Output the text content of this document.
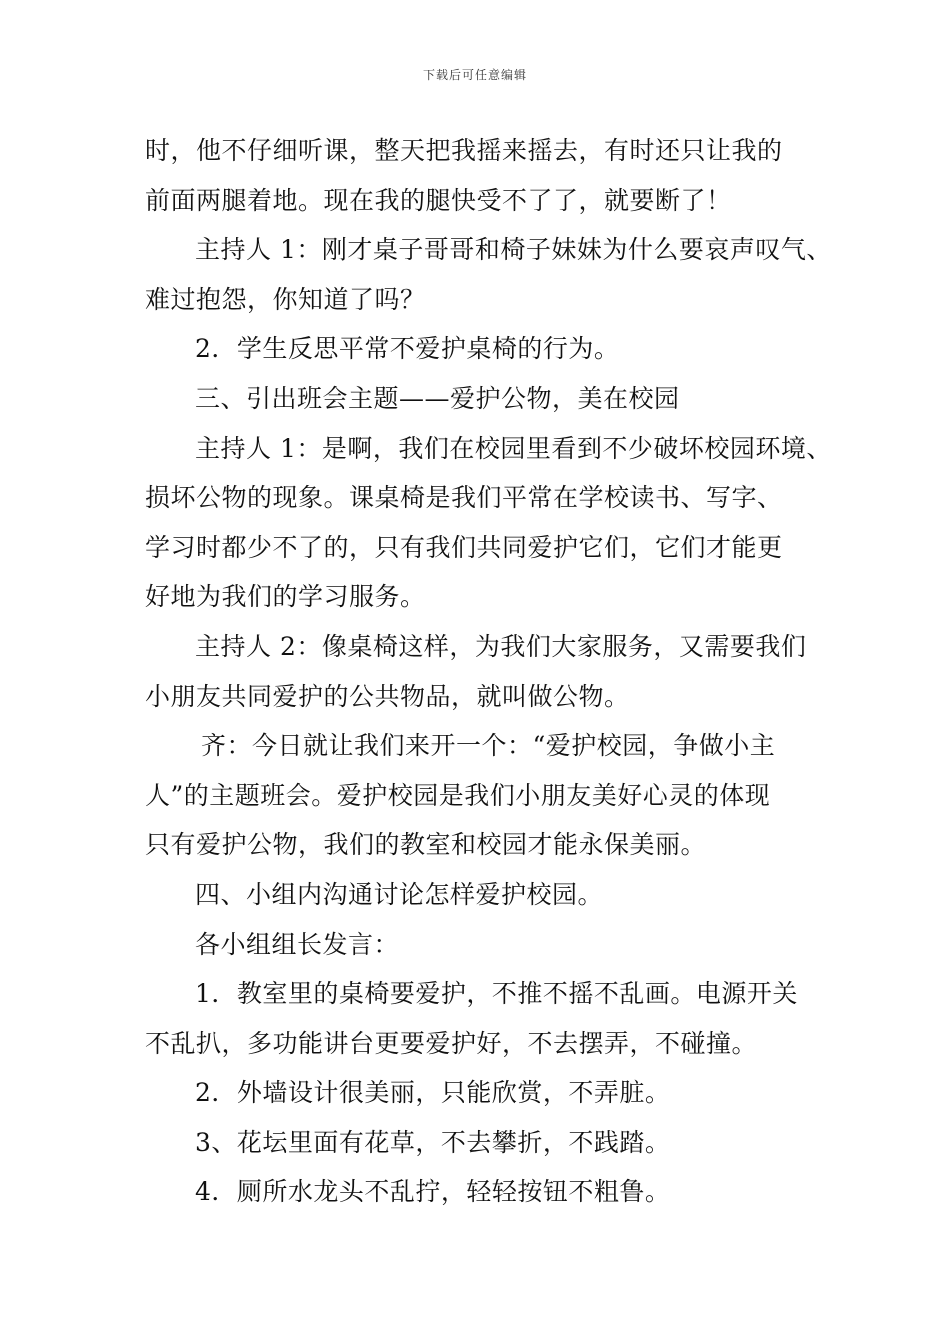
下载后可任意编辑
时，他不仔细听课，整天把我摇来摇去，有时还只让我的
前面两腿着地。现在我的腿快受不了了，就要断了！
主持人 1：刚才桌子哥哥和椅子妹妹为什么要哀声叹气、
难过抱怨，你知道了吗？
2．学生反思平常不爱护桌椅的行为。
三、引出班会主题——爱护公物，美在校园
主持人 1：是啊，我们在校园里看到不少破坏校园环境、
损坏公物的现象。课桌椅是我们平常在学校读书、写字、
学习时都少不了的，只有我们共同爱护它们，它们才能更
好地为我们的学习服务。
主持人 2：像桌椅这样，为我们大家服务，又需要我们
小朋友共同爱护的公共物品，就叫做公物。
齐：今日就让我们来开一个：“爱护校园，争做小主
人”的主题班会。爱护校园是我们小朋友美好心灵的体现
只有爱护公物，我们的教室和校园才能永保美丽。
四、小组内沟通讨论怎样爱护校园。
各小组组长发言：
1．教室里的桌椅要爱护，不推不摇不乱画。电源开关
不乱扒，多功能讲台更要爱护好，不去摆弄，不碰撞。
2．外墙设计很美丽，只能欣赏，不弄脏。
3、花坛里面有花草，不去攀折，不践踏。
4．厕所水龙头不乱拧，轻轻按钮不粗鲁。
